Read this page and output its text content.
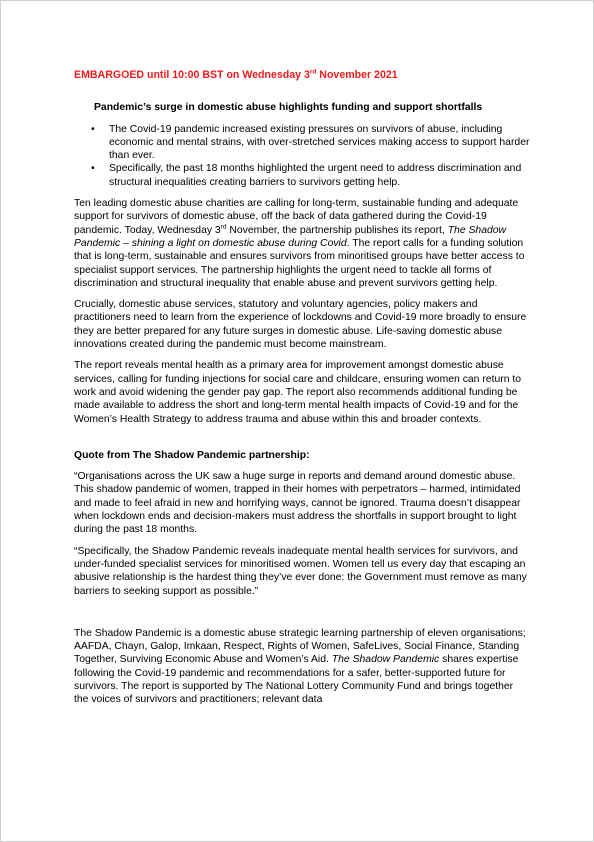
EMBARGOED until 10:00 BST on Wednesday 3rd November 2021
Pandemic’s surge in domestic abuse highlights funding and support shortfalls
• The Covid-19 pandemic increased existing pressures on survivors of abuse, including economic and mental strains, with over-stretched services making access to support harder than ever.
• Specifically, the past 18 months highlighted the urgent need to address discrimination and structural inequalities creating barriers to survivors getting help.
Ten leading domestic abuse charities are calling for long-term, sustainable funding and adequate support for survivors of domestic abuse, off the back of data gathered during the Covid-19 pandemic. Today, Wednesday 3rd November, the partnership publishes its report, The Shadow Pandemic – shining a light on domestic abuse during Covid. The report calls for a funding solution that is long-term, sustainable and ensures survivors from minoritised groups have better access to specialist support services. The partnership highlights the urgent need to tackle all forms of discrimination and structural inequality that enable abuse and prevent survivors getting help.
Crucially, domestic abuse services, statutory and voluntary agencies, policy makers and practitioners need to learn from the experience of lockdowns and Covid-19 more broadly to ensure they are better prepared for any future surges in domestic abuse. Life-saving domestic abuse innovations created during the pandemic must become mainstream.
The report reveals mental health as a primary area for improvement amongst domestic abuse services, calling for funding injections for social care and childcare, ensuring women can return to work and avoid widening the gender pay gap. The report also recommends additional funding be made available to address the short and long-term mental health impacts of Covid-19 and for the Women’s Health Strategy to address trauma and abuse within this and broader contexts.
Quote from The Shadow Pandemic partnership:
“Organisations across the UK saw a huge surge in reports and demand around domestic abuse. This shadow pandemic of women, trapped in their homes with perpetrators – harmed, intimidated and made to feel afraid in new and horrifying ways, cannot be ignored. Trauma doesn’t disappear when lockdown ends and decision-makers must address the shortfalls in support brought to light during the past 18 months.
“Specifically, the Shadow Pandemic reveals inadequate mental health services for survivors, and under-funded specialist services for minoritised women. Women tell us every day that escaping an abusive relationship is the hardest thing they’ve ever done: the Government must remove as many barriers to seeking support as possible.”
The Shadow Pandemic is a domestic abuse strategic learning partnership of eleven organisations; AAFDA, Chayn, Galop, Imkaan, Respect, Rights of Women, SafeLives, Social Finance, Standing Together, Surviving Economic Abuse and Women’s Aid. The Shadow Pandemic shares expertise following the Covid-19 pandemic and recommendations for a safer, better-supported future for survivors. The report is supported by The National Lottery Community Fund and brings together the voices of survivors and practitioners; relevant data
